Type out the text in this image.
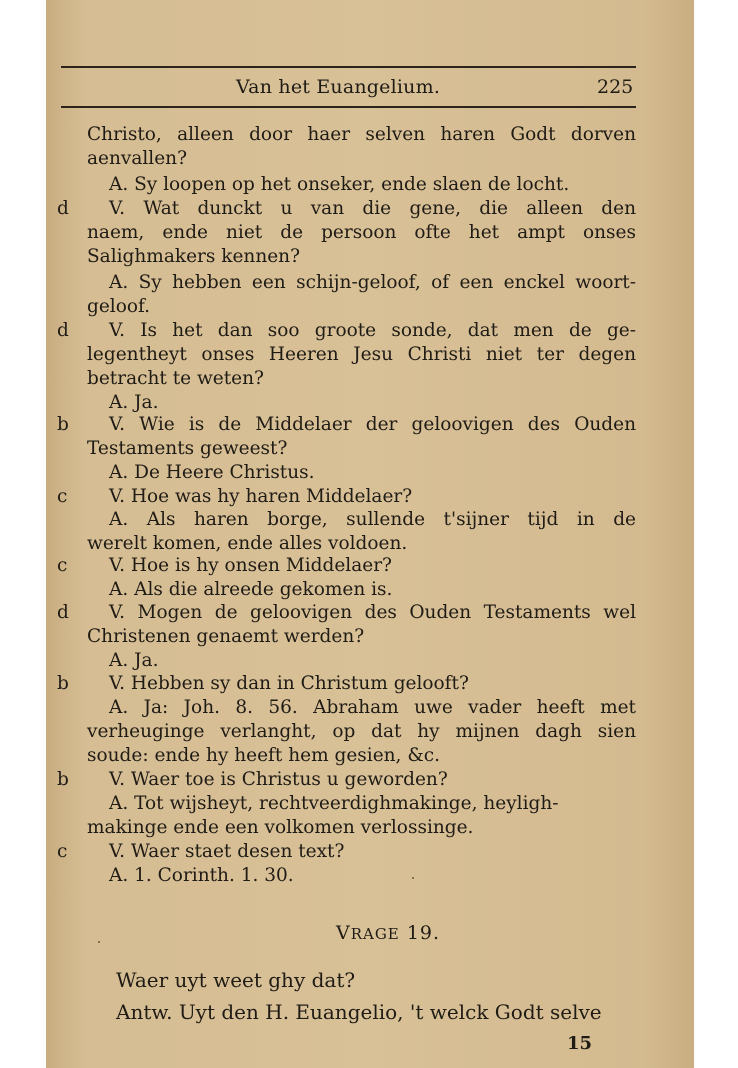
Van het Euangelium.	225
Christo, alleen door haer selven haren Godt dorven
aenvallen?
A. Sy loopen op het onseker, ende slaen de locht.
d V. Wat dunckt u van die gene, die alleen den
naem, ende niet de persoon ofte het ampt onses
Salighmakers kennen?
A. Sy hebben een schijn-geloof, of een enckel woort-
geloof.
d V. Is het dan soo groote sonde, dat men de ge-
legentheyt onses Heeren Jesu Christi niet ter degen
betracht te weten?
A. Ja.
b V. Wie is de Middelaer der geloovigen des Ouden
Testaments geweest?
A. De Heere Christus.
c V. Hoe was hy haren Middelaer?
A. Als haren borge, sullende t'sijner tijd in de
werelt komen, ende alles voldoen.
c V. Hoe is hy onsen Middelaer?
A. Als die alreede gekomen is.
d V. Mogen de geloovigen des Ouden Testaments wel
Christenen genaemt werden?
A. Ja.
b V. Hebben sy dan in Christum gelooft?
A. Ja: Joh. 8. 56. Abraham uwe vader heeft met
verheuginge verlanght, op dat hy mijnen dagh sien
soude: ende hy heeft hem gesien, &c.
b V. Waer toe is Christus u geworden?
A. Tot wijsheyt, rechtveerdighmakinge, heyligh-
makinge ende een volkomen verlossinge.
c V. Waer staet desen text?
A. 1. Corinth. 1. 30.
VRAGE 19.
Waer uyt weet ghy dat?
Antw. Uyt den H. Euangelio, 't welck Godt selve
15
